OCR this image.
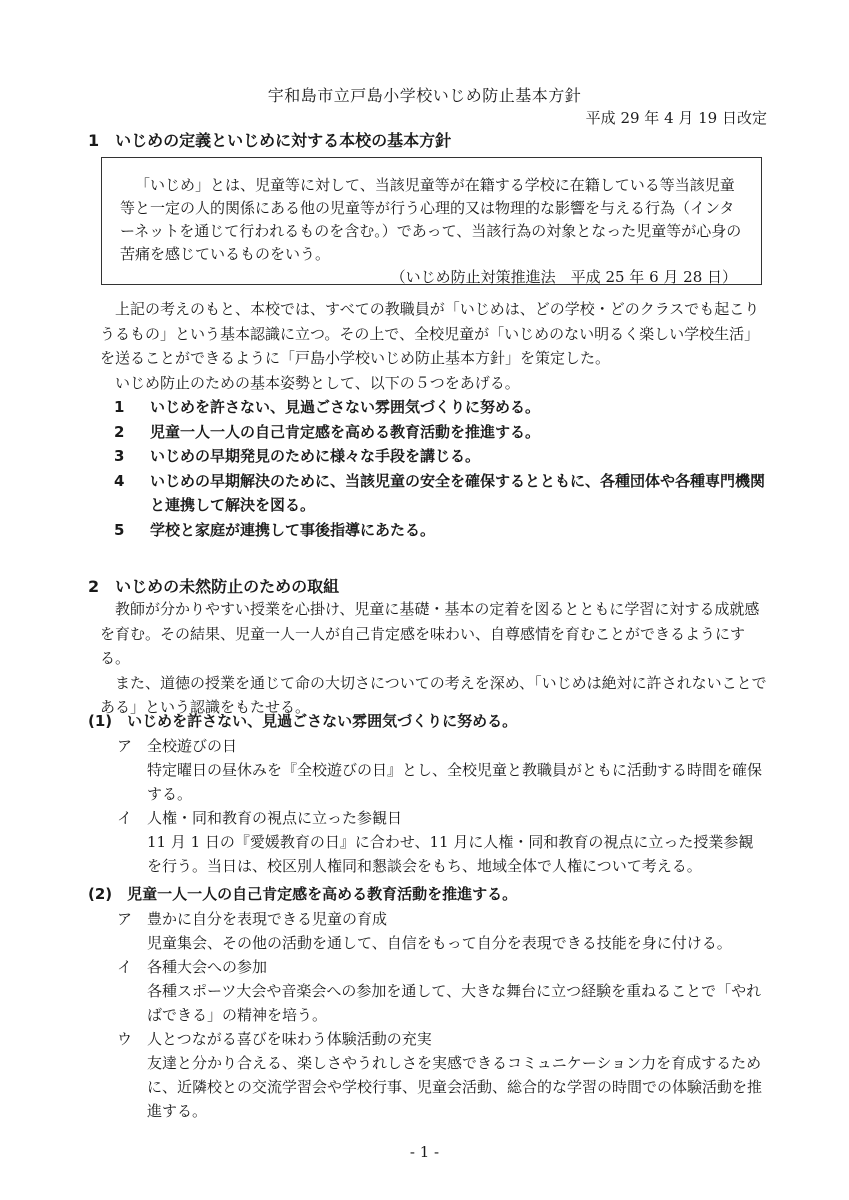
宇和島市立戸島小学校いじめ防止基本方針
平成 29 年 4 月 19 日改定
1　いじめの定義といじめに対する本校の基本方針
「いじめ」とは、児童等に対して、当該児童等が在籍する学校に在籍している等当該児童等と一定の人的関係にある他の児童等が行う心理的又は物理的な影響を与える行為（インターネットを通じて行われるものを含む。）であって、当該行為の対象となった児童等が心身の苦痛を感じているものをいう。
（いじめ防止対策推進法　平成 25 年 6 月 28 日）
上記の考えのもと、本校では、すべての教職員が「いじめは、どの学校・どのクラスでも起こりうるもの」という基本認識に立つ。その上で、全校児童が「いじめのない明るく楽しい学校生活」を送ることができるように「戸島小学校いじめ防止基本方針」を策定した。
いじめ防止のための基本姿勢として、以下の５つをあげる。
1	いじめを許さない、見過ごさない雰囲気づくりに努める。
2	児童一人一人の自己肯定感を高める教育活動を推進する。
3	いじめの早期発見のために様々な手段を講じる。
4	いじめの早期解決のために、当該児童の安全を確保するとともに、各種団体や各種専門機関と連携して解決を図る。
5	学校と家庭が連携して事後指導にあたる。
2　いじめの未然防止のための取組
教師が分かりやすい授業を心掛け、児童に基礎・基本の定着を図るとともに学習に対する成就感を育む。その結果、児童一人一人が自己肯定感を味わい、自尊感情を育むことができるようにする。
また、道徳の授業を通じて命の大切さについての考えを深め、「いじめは絶対に許されないことである」という認識をもたせる。
(1)　いじめを許さない、見過ごさない雰囲気づくりに努める。
ア　全校遊びの日
特定曜日の昼休みを『全校遊びの日』とし、全校児童と教職員がともに活動する時間を確保する。
イ　人権・同和教育の視点に立った参観日
11 月 1 日の『愛媛教育の日』に合わせ、11 月に人権・同和教育の視点に立った授業参観を行う。当日は、校区別人権同和懇談会をもち、地域全体で人権について考える。
(2)　児童一人一人の自己肯定感を高める教育活動を推進する。
ア　豊かに自分を表現できる児童の育成
児童集会、その他の活動を通して、自信をもって自分を表現できる技能を身に付ける。
イ　各種大会への参加
各種スポーツ大会や音楽会への参加を通して、大きな舞台に立つ経験を重ねることで「やればできる」の精神を培う。
ウ　人とつながる喜びを味わう体験活動の充実
友達と分かり合える、楽しさやうれしさを実感できるコミュニケーション力を育成するために、近隣校との交流学習会や学校行事、児童会活動、総合的な学習の時間での体験活動を推進する。
- 1 -
